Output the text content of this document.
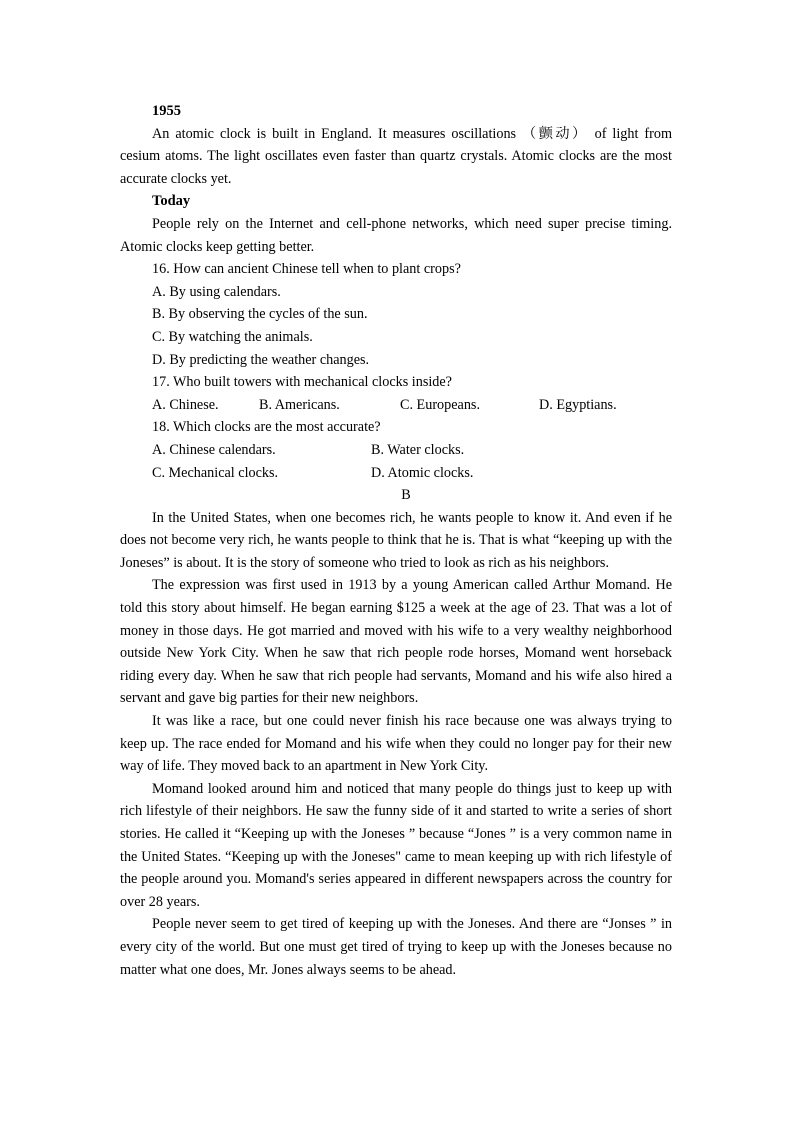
1955

An atomic clock is built in England. It measures oscillations （颤动） of light from cesium atoms. The light oscillates even faster than quartz crystals. Atomic clocks are the most accurate clocks yet.

Today

People rely on the Internet and cell-phone networks, which need super precise timing. Atomic clocks keep getting better.

16. How can ancient Chinese tell when to plant crops?

A. By using calendars.

B. By observing the cycles of the sun.

C. By watching the animals.

D. By predicting the weather changes.

17. Who built towers with mechanical clocks inside?

A. Chinese.	B. Americans.	C. Europeans.	D. Egyptians.

18. Which clocks are the most accurate?

A. Chinese calendars.	B. Water clocks.
C. Mechanical clocks.	D. Atomic clocks.

B

In the United States, when one becomes rich, he wants people to know it. And even if he does not become very rich, he wants people to think that he is. That is what “keeping up with the Joneses” is about. It is the story of someone who tried to look as rich as his neighbors.

The expression was first used in 1913 by a young American called Arthur Momand. He told this story about himself. He began earning $125 a week at the age of 23. That was a lot of money in those days. He got married and moved with his wife to a very wealthy neighborhood outside New York City. When he saw that rich people rode horses, Momand went horseback riding every day. When he saw that rich people had servants, Momand and his wife also hired a servant and gave big parties for their new neighbors.

It was like a race, but one could never finish his race because one was always trying to keep up. The race ended for Momand and his wife when they could no longer pay for their new way of life. They moved back to an apartment in New York City.

Momand looked around him and noticed that many people do things just to keep up with rich lifestyle of their neighbors. He saw the funny side of it and started to write a series of short stories. He called it “Keeping up with the Joneses ” because “Jones ” is a very common name in the United States. “Keeping up with the Joneses" came to mean keeping up with rich lifestyle of the people around you. Momand's series appeared in different newspapers across the country for over 28 years.

People never seem to get tired of keeping up with the Joneses. And there are “Jonses ” in every city of the world. But one must get tired of trying to keep up with the Joneses because no matter what one does, Mr. Jones always seems to be ahead.
